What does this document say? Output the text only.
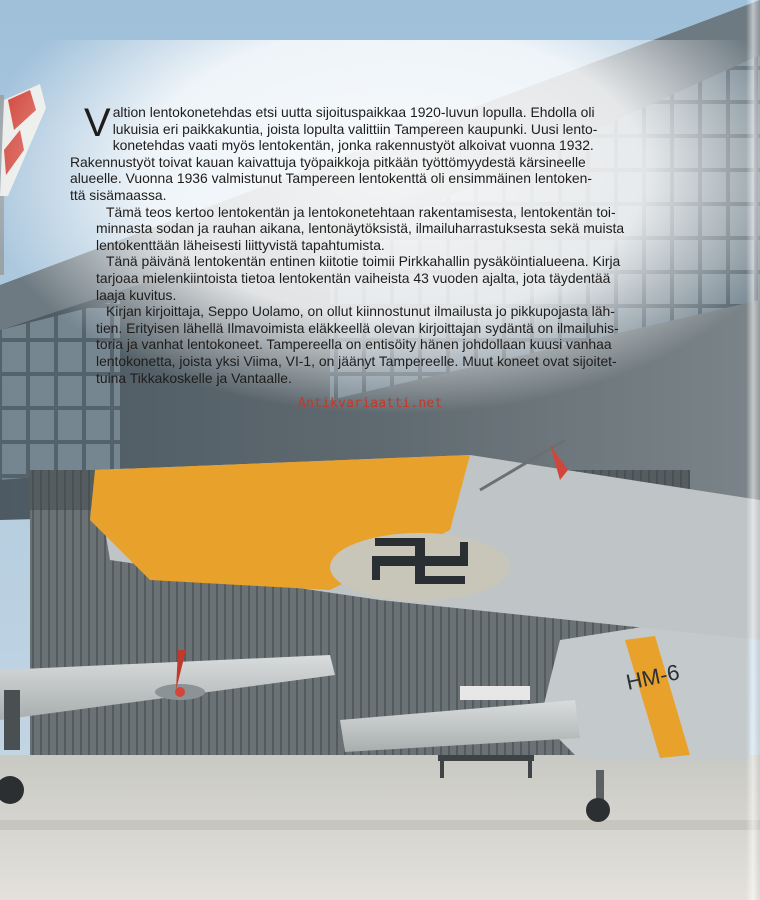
HM-6

V altion lentokonetehdas etsi uutta sijoituspaikkaa 1920-luvun lopulla. Ehdolla oli
lukuisia eri paikkakuntia, joista lopulta valittiin Tampereen kaupunki. Uusi lento-
konetehdas vaati myös lentokentän, jonka rakennustyöt alkoivat vuonna 1932.
Rakennustyöt toivat kauan kaivattuja työpaikkoja pitkään työttömyydestä kärsineelle
alueelle. Vuonna 1936 valmistunut Tampereen lentokenttä oli ensimmäinen lentoken-
ttä sisämaassa.

Tämä teos kertoo lentokentän ja lentokonetehtaan rakentamisesta, lentokentän toi-
minnasta sodan ja rauhan aikana, lentonäytöksistä, ilmailuharrastuksesta sekä muista
lentokenttään läheisesti liittyvistä tapahtumista.

Tänä päivänä lentokentän entinen kiitotie toimii Pirkkahallin pysäköintialueena. Kirja
tarjoaa mielenkiintoista tietoa lentokentän vaiheista 43 vuoden ajalta, jota täydentää
laaja kuvitus.

Kirjan kirjoittaja, Seppo Uolamo, on ollut kiinnostunut ilmailusta jo pikkupojasta läh-
tien. Erityisen lähellä Ilmavoimista eläkkeellä olevan kirjoittajan sydäntä on ilmailuhis-
toria ja vanhat lentokoneet. Tampereella on entisöity hänen johdollaan kuusi vanhaa
lentokonetta, joista yksi Viima, VI-1, on jäänyt Tampereelle. Muut koneet ovat sijoitet-
tuina Tikkakoskelle ja Vantaalle.

Antikvariaatti.net
